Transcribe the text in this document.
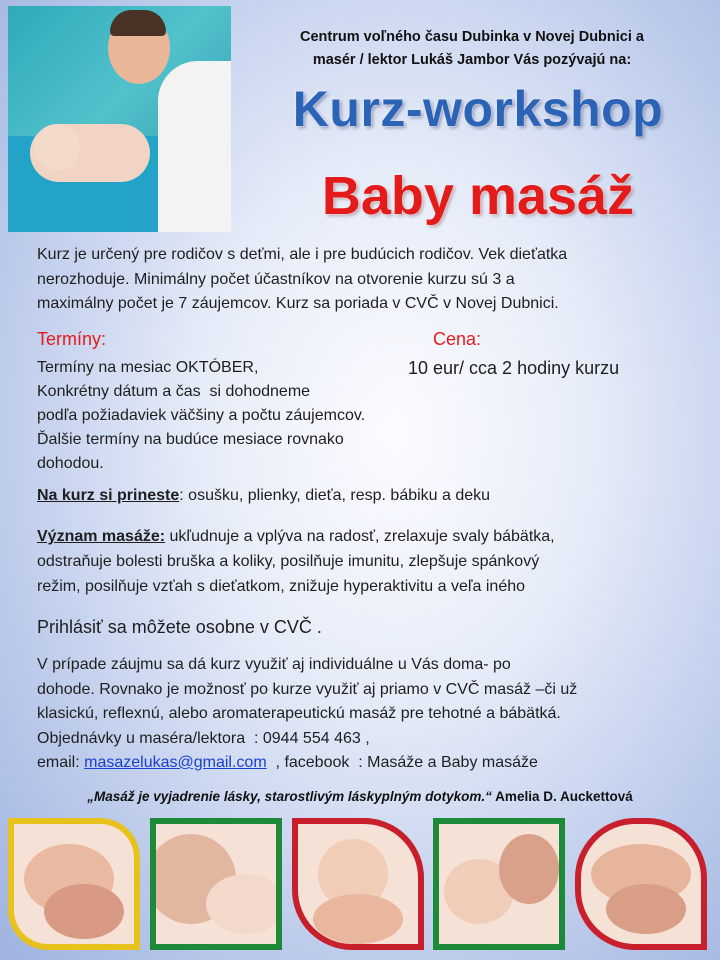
Centrum voľného času Dubinka v Novej Dubnici a
masér / lektor Lukáš Jambor Vás pozývajú na:
Kurz-workshop
Baby masáž
Kurz je určený pre rodičov s deťmi, ale i pre budúcich rodičov. Vek dieťatka
nerozhoduje. Minimálny počet účastníkov na otvorenie kurzu sú 3 a
maximálny počet je 7 záujemcov. Kurz sa poriada v CVČ v Novej Dubnici.
Termíny:	Cena:
Termíny na mesiac OKTÓBER,
Konkrétny dátum a čas  si dohodneme
podľa požiadaviek väčšiny a počtu záujemcov.
Ďalšie termíny na budúce mesiace rovnako
dohodou.
10 eur/ cca 2 hodiny kurzu
Na kurz si prineste: osušku, plienky, dieťa, resp. bábiku a deku
Význam masáže: ukľudnuje a vplýva na radosť, zrelaxuje svaly bábätka,
odstraňuje bolesti bruška a koliky, posilňuje imunitu, zlepšuje spánkový
režim, posilňuje vzťah s dieťatkom, znižuje hyperaktivitu a veľa iného
Prihlásiť sa môžete osobne v CVČ .
V prípade záujmu sa dá kurz využiť aj individuálne u Vás doma- po
dohode. Rovnako je možnosť po kurze využiť aj priamo v CVČ masáž –či už
klasickú, reflexnú, alebo aromaterapeutickú masáž pre tehotné a bábätká.
Objednávky u maséra/lektora  : 0944 554 463 ,
email: masazelukas@gmail.com  , facebook  : Masáže a Baby masáže
„Masáž je vyjadrenie lásky, starostlivým láskyplným dotykom.“ Amelia D. Auckettová
